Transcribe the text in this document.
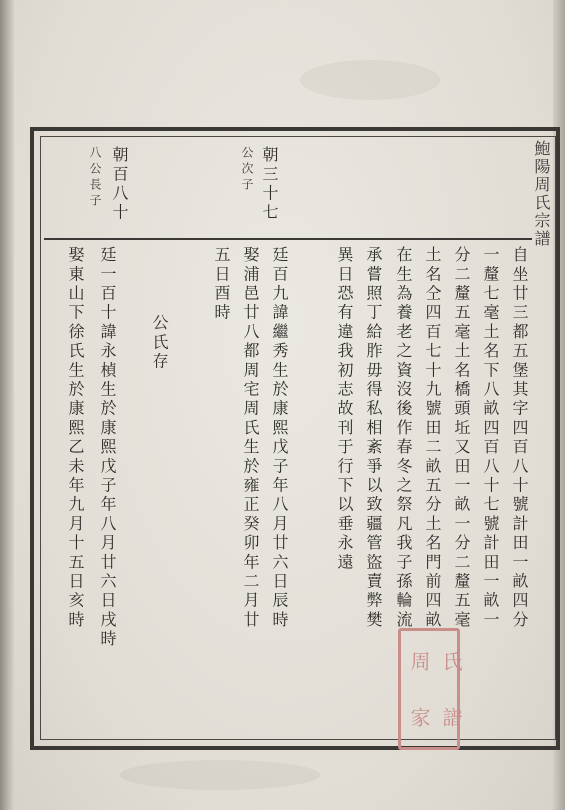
鮑陽周氏宗譜
朝三十七
公次子
朝百八十
八公長子
自坐廿三都五堡其字四百八十號計田一畝四分
一釐七毫土名下八畝四百八十七號計田一畝一
分二釐五毫土名橋頭坵又田一畝一分二釐五毫
土名仝四百七十九號田二畝五分土名門前四畝
在生為養老之資沒後作春冬之祭凡我子孫輪流
承嘗照丁給胙毋得私相紊爭以致疆管盜賣弊樊
異日恐有違我初志故刊于行下以垂永遠
廷百九諱繼秀生於康熙戊子年八月廿六日辰時
娶浦邑廿八都周宅周氏生於雍正癸卯年二月廿
五日酉時
公氏存
廷一百十諱永楨生於康熙戊子年八月廿六日戌時
娶東山下徐氏生於康熙乙未年九月十五日亥時
周 氏
家 譜
